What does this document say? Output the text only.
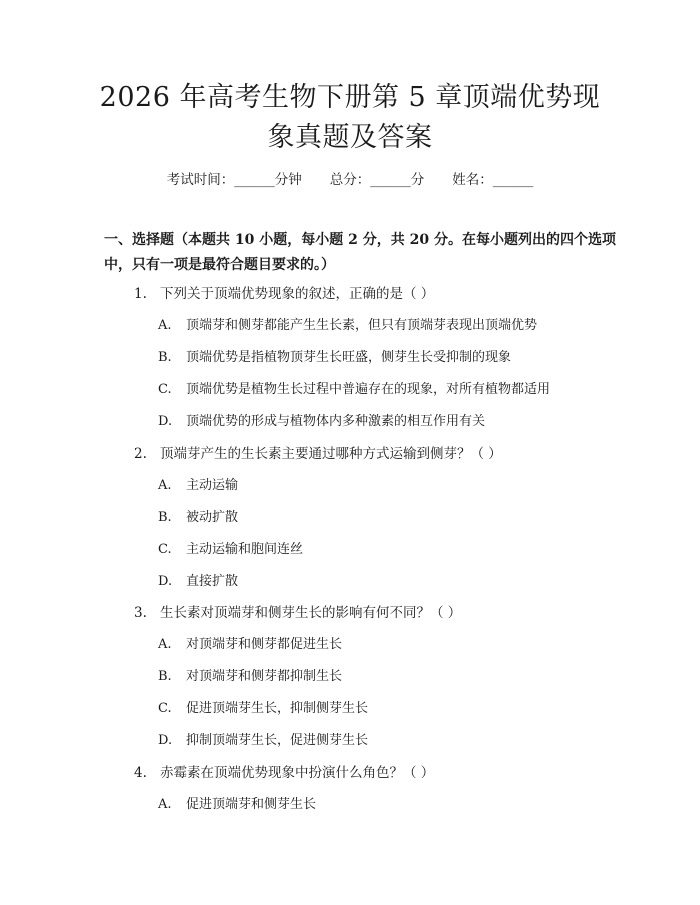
2026 年高考生物下册第 5 章顶端优势现象真题及答案
考试时间：______分钟 总分：______分 姓名：______
一、选择题（本题共 10 小题，每小题 2 分，共 20 分。在每小题列出的四个选项中，只有一项是最符合题目要求的。）
1. 下列关于顶端优势现象的叙述，正确的是（ ）
A. 顶端芽和侧芽都能产生生长素，但只有顶端芽表现出顶端优势
B. 顶端优势是指植物顶芽生长旺盛，侧芽生长受抑制的现象
C. 顶端优势是植物生长过程中普遍存在的现象，对所有植物都适用
D. 顶端优势的形成与植物体内多种激素的相互作用有关
2. 顶端芽产生的生长素主要通过哪种方式运输到侧芽？（ ）
A. 主动运输
B. 被动扩散
C. 主动运输和胞间连丝
D. 直接扩散
3. 生长素对顶端芽和侧芽生长的影响有何不同？（ ）
A. 对顶端芽和侧芽都促进生长
B. 对顶端芽和侧芽都抑制生长
C. 促进顶端芽生长，抑制侧芽生长
D. 抑制顶端芽生长，促进侧芽生长
4. 赤霉素在顶端优势现象中扮演什么角色？（ ）
A. 促进顶端芽和侧芽生长
